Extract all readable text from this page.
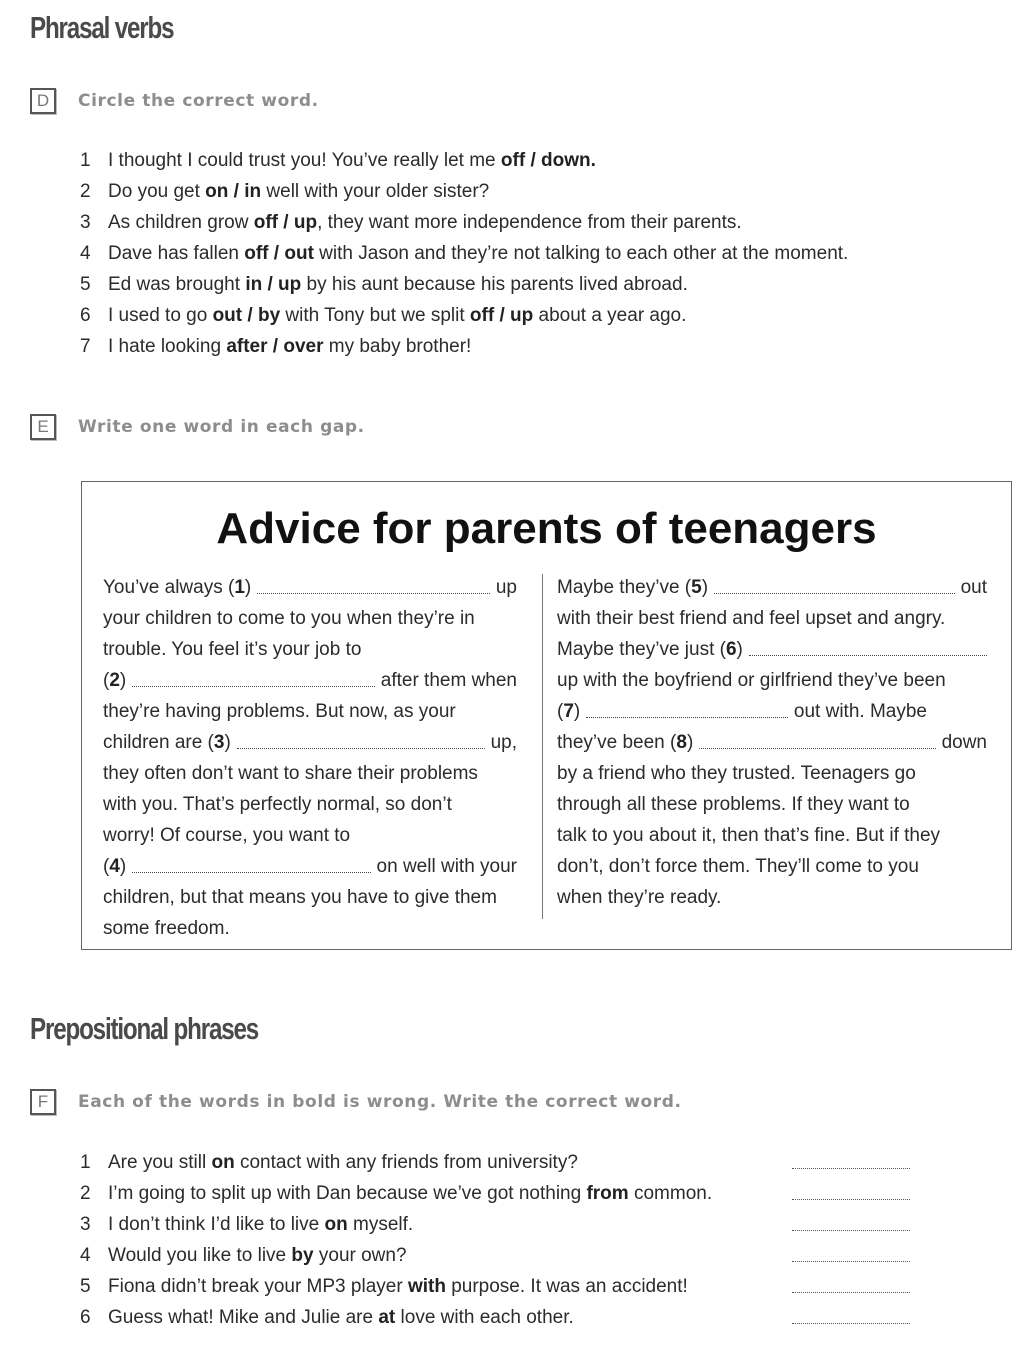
Phrasal verbs
D	Circle the correct word.
1 I thought I could trust you! You’ve really let me off / down.
2 Do you get on / in well with your older sister?
3 As children grow off / up, they want more independence from their parents.
4 Dave has fallen off / out with Jason and they’re not talking to each other at the moment.
5 Ed was brought in / up by his aunt because his parents lived abroad.
6 I used to go out / by with Tony but we split off / up about a year ago.
7 I hate looking after / over my baby brother!
E	Write one word in each gap.
Advice for parents of teenagers
You’ve always ( 1 )	up

your children to come to you when they’re in

trouble. You feel it’s your job to

( 2 )	after them when

they’re having problems. But now, as your

children are ( 3 )	up,

they often don’t want to share their problems

with you. That’s perfectly normal, so don’t

worry! Of course, you want to

( 4 )	on well with your

children, but that means you have to give them

some freedom.

Maybe they’ve ( 5 )	out

with their best friend and feel upset and angry.

Maybe they’ve just ( 6 )

up with the boyfriend or girlfriend they’ve been

( 7 )	out with. Maybe
they’ve been ( 8 )	down

by a friend who they trusted. Teenagers go

through all these problems. If they want to

talk to you about it, then that’s fine. But if they

don’t, don’t force them. They’ll come to you

when they’re ready.

Prepositional phrases
F	Each of the words in bold is wrong. Write the correct word.
1 Are you still on contact with any friends from university?
2 I’m going to split up with Dan because we’ve got nothing from common.
3 I don’t think I’d like to live on myself.
4 Would you like to live by your own?
5 Fiona didn’t break your MP3 player with purpose. It was an accident!
6 Guess what! Mike and Julie are at love with each other.
